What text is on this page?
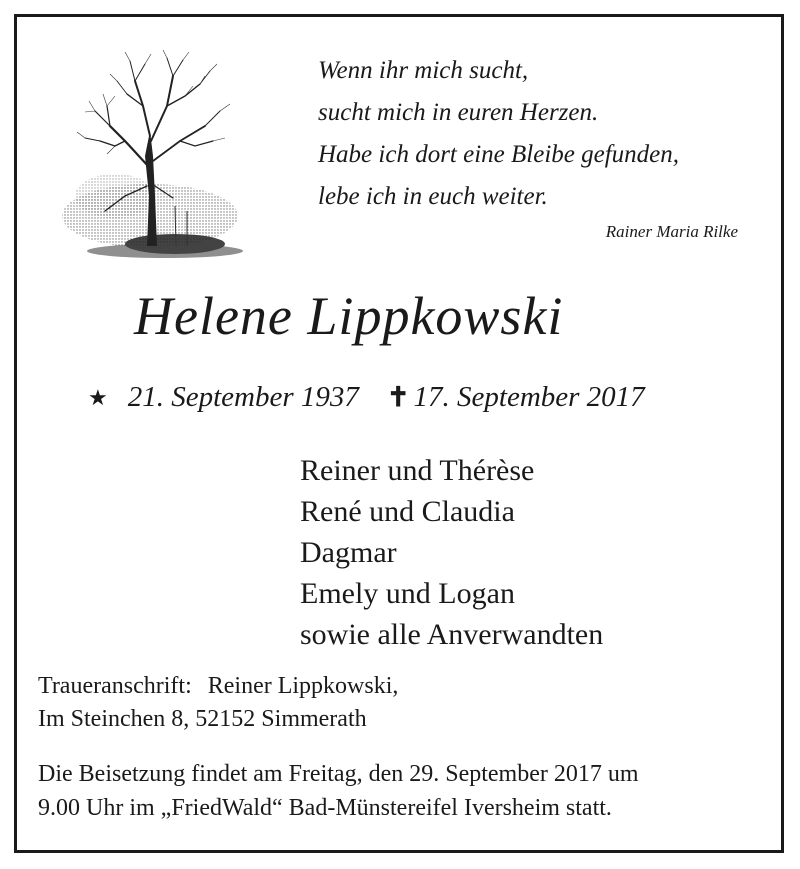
Wenn ihr mich sucht,
sucht mich in euren Herzen.
Habe ich dort eine Bleibe gefunden,
lebe ich in euch weiter.
Rainer Maria Rilke
Helene Lippkowski
★ 21. September 1937 ✝ 17. September 2017
Reiner und Thérèse
René und Claudia
Dagmar
Emely und Logan
sowie alle Anverwandten
Traueranschrift: Reiner Lippkowski,
Im Steinchen 8, 52152 Simmerath
Die Beisetzung findet am Freitag, den 29. September 2017 um
9.00 Uhr im „FriedWald“ Bad-Münstereifel Iversheim statt.
